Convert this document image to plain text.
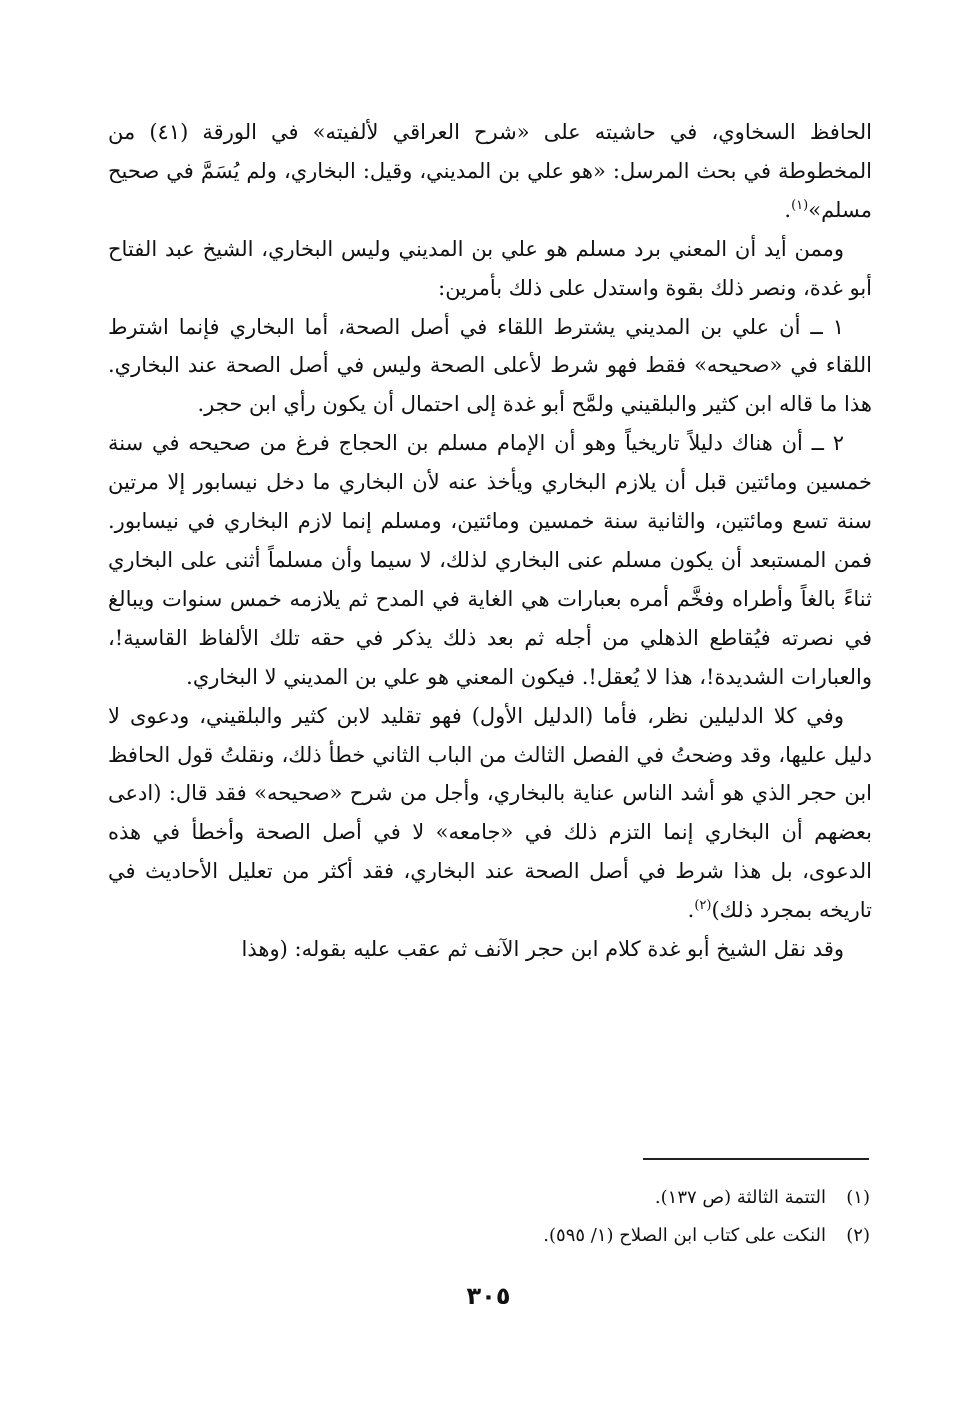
الحافظ السخاوي، في حاشيته على «شرح العراقي لألفيته» في الورقة (٤١) من المخطوطة في بحث المرسل: «هو علي بن المديني، وقيل: البخاري، ولم يُسَمَّ في صحيح مسلم»$^{(١)}$.

وممن أيد أن المعني برد مسلم هو علي بن المديني وليس البخاري، الشيخ عبد الفتاح أبو غدة، ونصر ذلك بقوة واستدل على ذلك بأمرين:

١ ــ أن علي بن المديني يشترط اللقاء في أصل الصحة، أما البخاري فإنما اشترط اللقاء في «صحيحه» فقط فهو شرط لأعلى الصحة وليس في أصل الصحة عند البخاري. هذا ما قاله ابن كثير والبلقيني ولمَّح أبو غدة إلى احتمال أن يكون رأي ابن حجر.

٢ ــ أن هناك دليلاً تاريخياً وهو أن الإمام مسلم بن الحجاج فرغ من صحيحه في سنة خمسين ومائتين قبل أن يلازم البخاري ويأخذ عنه لأن البخاري ما دخل نيسابور إلا مرتين سنة تسع ومائتين، والثانية سنة خمسين ومائتين، ومسلم إنما لازم البخاري في نيسابور. فمن المستبعد أن يكون مسلم عنى البخاري لذلك، لا سيما وأن مسلماً أثنى على البخاري ثناءً بالغاً وأطراه وفخَّم أمره بعبارات هي الغاية في المدح ثم يلازمه خمس سنوات ويبالغ في نصرته فيُقاطع الذهلي من أجله ثم بعد ذلك يذكر في حقه تلك الألفاظ القاسية!، والعبارات الشديدة!، هذا لا يُعقل!. فيكون المعني هو علي بن المديني لا البخاري.

وفي كلا الدليلين نظر، فأما (الدليل الأول) فهو تقليد لابن كثير والبلقيني، ودعوى لا دليل عليها، وقد وضحتُ في الفصل الثالث من الباب الثاني خطأ ذلك، ونقلتُ قول الحافظ ابن حجر الذي هو أشد الناس عناية بالبخاري، وأجل من شرح «صحيحه» فقد قال: (ادعى بعضهم أن البخاري إنما التزم ذلك في «جامعه» لا في أصل الصحة وأخطأ في هذه الدعوى، بل هذا شرط في أصل الصحة عند البخاري، فقد أكثر من تعليل الأحاديث في تاريخه بمجرد ذلك)$^{(٢)}$.

وقد نقل الشيخ أبو غدة كلام ابن حجر الآنف ثم عقب عليه بقوله: (وهذا

(١)التتمة الثالثة (ص ١٣٧).

(٢)النكت على كتاب ابن الصلاح (١/ ٥٩٥).

٣٠٥
